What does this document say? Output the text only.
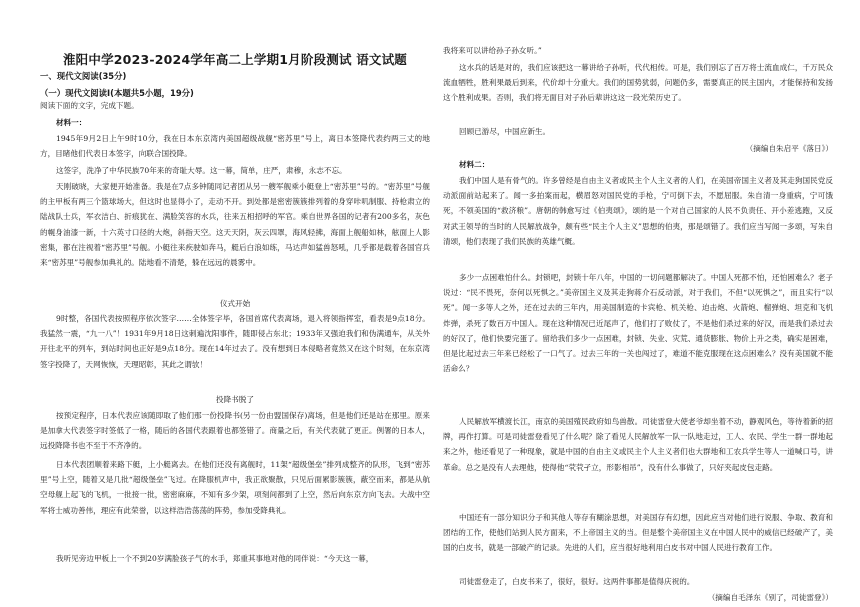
淮阳中学2023-2024学年高二上学期1月阶段测试 语文试题
一、现代文阅读(35分)
（一）现代文阅读Ⅰ(本题共5小题，19分)

阅读下面的文字，完成下题。

材料一：

1945年9月2日上午9时10分，我在日本东京湾内美国超级战舰“密苏里”号上，离日本签降代表约两三丈的地方，目睹他们代表日本签字，向联合国投降。

这签字，洗净了中华民族70年来的奇耻大辱。这一幕，简单，庄严，肃穆，永志不忘。

天刚破晓，大家便开始准备。我是在7点多钟随同记者团从另一艘军舰乘小艇登上“密苏里”号的。“密苏里”号舰的主甲板有两三个篮球场大，但这时也显得小了，走动不开。到处都是密密簇簇排列着的身穿咔叽制服、持枪肃立的陆战队士兵，军衣洁白、折痕犹在、满脸笑容的水兵，往来五相招呼的军官。乘自世界各国的记者有200多名，灰色的幌身油漆一新，十六英寸口径的大炮，斜指天空。这天天阴，灰云四罩，海风轻拂，海面上舰船如林，舷面上人影密集，都在注视着“密苏里”号舰。小艇往来疾驶如奔马，艇后白浪如练，马达声如猛兽怒吼，几乎都是载着各国官兵来“密苏里”号舰参加典礼的。陆地看不清楚，躲在远远的晨雾中。

仪式开始

9时整，各国代表按照程序依次签字……全体签字毕，各国首席代表离场，退入将领指挥室，看表是9点18分。我猛然一震，“九一八”！1931年9月18日这刺遍沈阳事件，随即侵占东北；1933年又强迫我们和伪满通车，从关外开往北平的列车，到站时间也正好是9点18分。现在14年过去了。没有想到日本侵略者竟然又在这个时刻，在东京湾签字投降了，天网恢恢，天理昭彰，其此之谓欤！

投降书脱了

按预定程序，日本代表应该随即取了他们那一份投降书(另一份由盟国保存)离场，但是他们还是站在那里。原来是加拿大代表签字时签低了一格，随后的各国代表跟着也都签错了。商量之后，有关代表就了更正。例署的日本人，远投降降书也不至于不齐净的。

日本代表团顺着来路下艇，上小艇离去。在他们还没有离舰时，11架“超级堡垒”排列成整齐的队形，飞到“密苏里”号上空，随着又是几批“超级堡垒”飞过。在降服机声中，我正欲聚散，只见后面累影簇簇，蔽空而来，都是从航空母舰上起飞的飞机，一批接一批，密密麻麻，不知有多少架，项刻间都到了上空，然后向东京方向飞去。大战中空军将士威功善伟，理应有此荣誉，以这样浩浩荡荡的阵势，参加受降典礼。

我听见旁边甲板上一个不到20岁满脸孩子气的水手，郑重其事地对他的同伴说：“今天这一幕，

我将来可以讲给孙子孙女听。”

这水兵的话是对的，我们应该把这一幕讲给子孙听，代代相传。可是，我们别忘了百万将士流血成仁，千万民众流血牺牲，胜利果最后到来，代价却十分重大。我们的国势犹弱，问题仍多，需要真正的民主国内，才能保持和发扬这个胜利成果。否则，我们将无面目对子孙后辈讲这这一段光荣历史了。

回顾已游尽，中国应新生。

（摘编自朱启平《落日》）

材料二：

我们中国人是有骨气的。许多曾经是自由主义者或民主个人主义者的人们，在美国帝国主义者及其走狗国民党反动派面前站起来了。闻一多拍案而起，横眉怒对国民党的手枪，宁可倒下去，不愿屈服。朱自清一身重病，宁可饿死，不领美国的“救济粮”。唐朝的韩愈写过《伯夷颂》，颂的是一个对自己国家的人民不负责任、开小差逃跑，又反对武王领导的当时的人民解放战争，颇有些“民主个人主义”思想的伯夷，那是颂错了。我们应当写闻一多颂，写朱自清颂，他们表现了我们民族的英雄气概。

多少一点困难怕什么。封锁吧，封锁十年八年，中国的一切问题都解决了。中国人死都不怕，还怕困难么？老子说过：“民不畏死，奈何以死惧之。”美帝国主义及其走狗蒋介石反动派，对于我们，不但“以死惧之”，而且实行“以死”。闻一多等人之外，还在过去的三年内，用美国制造的卡宾枪、机关枪、迫击炮、火箭炮、榴弹炮、坦克和飞机炸弹，杀死了数百万中国人。现在这种情况已近尾声了，他们打了败仗了，不是他们杀过来的好汉，而是我们杀过去的好汉了，他们快要完蛋了。留给我们多少一点困难，封锁、失业、灾荒、通货膨胀、物价上升之类，确实是困难，但是比起过去三年来已经松了一口气了。过去三年的一关也闯过了，难道不能克服现在这点困难么？没有美国就不能活命么？

人民解放军横渡长江，南京的美国殖民政府如鸟兽散。司徒雷登大使老爷却坐着不动，静观风色，等待着新的招牌，再作打算。可是司徒雷登看见了什么呢？除了看见人民解放军一队一队地走过，工人、农民、学生一群一群地起来之外，他还看见了一种现象，就是中国的自由主义或民主个人主义者们也大群地和工农兵学生等人一道喊口号，讲革命。总之是没有人去理他，使得他“茕茕孑立，形影相吊”，没有什么事做了，只好夹起皮包走路。

中国还有一部分知识分子和其他人等存有糊涂思想，对美国存有幻想，因此应当对他们进行说服、争取、教育和团结的工作，使他们站到人民方面来，不上帝国主义的当。但是整个美帝国主义在中国人民中的威信已经破产了，美国的白皮书，就是一部破产的记录。先进的人们，应当很好地利用白皮书对中国人民进行教育工作。

司徒雷登走了，白皮书来了，很好，很好。这两件事都是值得庆祝的。

（摘编自毛泽东《别了，司徒雷登》）
